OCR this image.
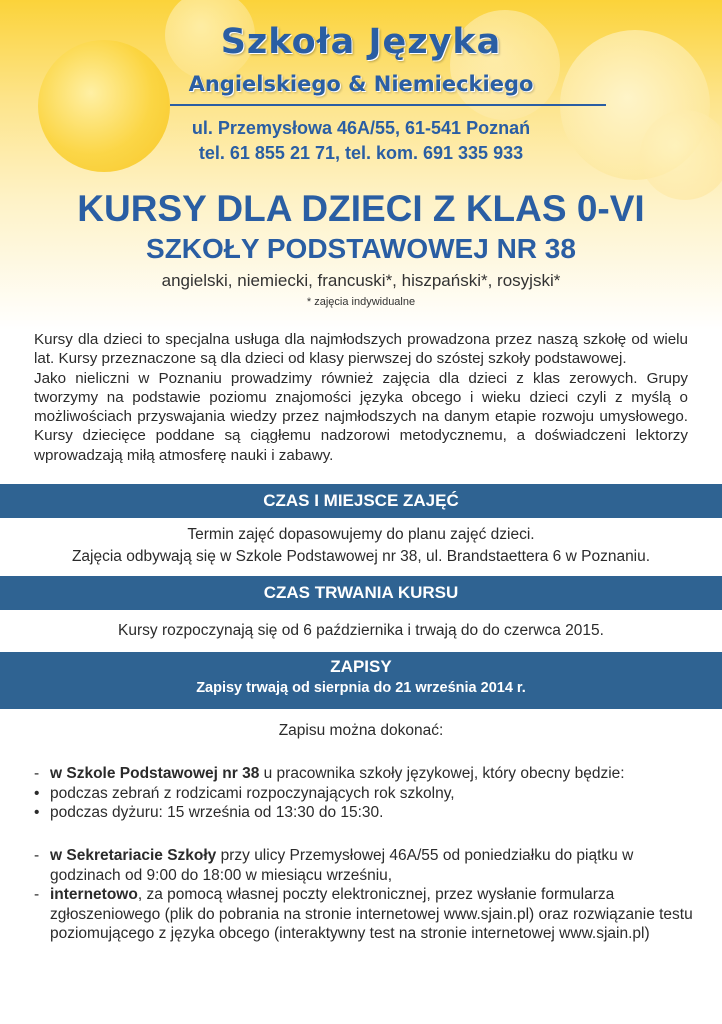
Szkoła Języka
Angielskiego & Niemieckiego
ul. Przemysłowa 46A/55, 61-541 Poznań
tel. 61 855 21 71, tel. kom. 691 335 933
KURSY DLA DZIECI Z KLAS 0-VI
SZKOŁY PODSTAWOWEJ NR 38
angielski, niemiecki, francuski*, hiszpański*, rosyjski*
* zajęcia indywidualne

Kursy dla dzieci to specjalna usługa dla najmłodszych prowadzona przez naszą szkołę od wielu lat. Kursy przeznaczone są dla dzieci od klasy pierwszej do szóstej szkoły podstawowej.

Jako nieliczni w Poznaniu prowadzimy również zajęcia dla dzieci z klas zerowych. Grupy tworzymy na podstawie poziomu znajomości języka obcego i wieku dzieci czyli z myślą o możliwościach przyswajania wiedzy przez najmłodszych na danym etapie rozwoju umysłowego. Kursy dziecięce poddane są ciągłemu nadzorowi metodycznemu, a doświadczeni lektorzy wprowadzają miłą atmosferę nauki i zabawy.

CZAS I MIEJSCE ZAJĘĆ
Termin zajęć dopasowujemy do planu zajęć dzieci.
Zajęcia odbywają się w Szkole Podstawowej nr 38, ul. Brandstaettera 6 w Poznaniu.
CZAS TRWANIA KURSU
Kursy rozpoczynają się od 6 października i trwają do do czerwca 2015.
ZAPISY
Zapisy trwają od sierpnia do 21 września 2014 r.
Zapisu można dokonać:
- w Szkole Podstawowej nr 38 u pracownika szkoły językowej, który obecny będzie:
• podczas zebrań z rodzicami rozpoczynających rok szkolny,
• podczas dyżuru: 15 września od 13:30 do 15:30.
- w Sekretariacie Szkoły przy ulicy Przemysłowej 46A/55 od poniedziałku do piątku w godzinach od 9:00 do 18:00 w miesiącu wrześniu,
- internetowo, za pomocą własnej poczty elektronicznej, przez wysłanie formularza zgłoszeniowego (plik do pobrania na stronie internetowej www.sjain.pl) oraz rozwiązanie testu poziomującego z języka obcego (interaktywny test na stronie internetowej www.sjain.pl)
